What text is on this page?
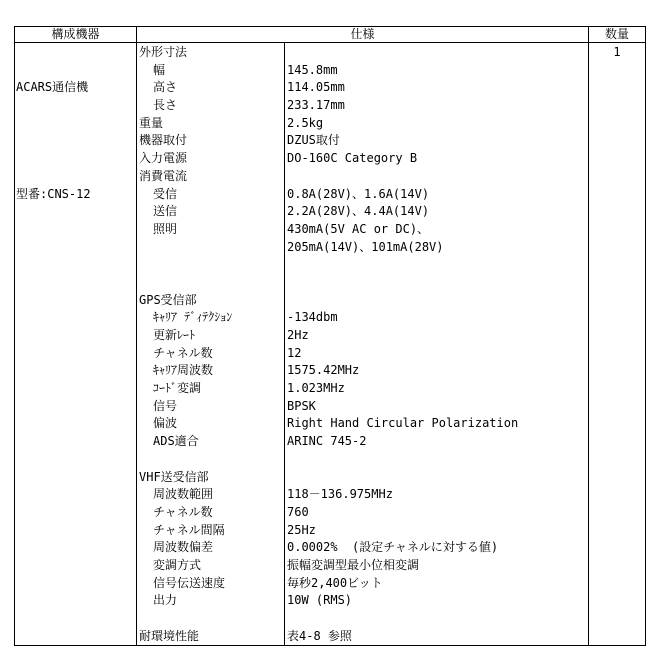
構成機器	仕様	数量

ACARS通信機

型番:CNS-12

1
外形寸法
幅
高さ
長さ
重量
機器取付
入力電源
消費電流
受信
送信
照明
GPS受信部
ｷｬﾘｱ ﾃﾞｨﾃｸｼｮﾝ
更新ﾚｰﾄ
チャネル数
ｷｬﾘｱ周波数
ｺｰﾄﾞ変調
信号
偏波
ADS適合
VHF送受信部
周波数範囲
チャネル数
チャネル間隔
周波数偏差
変調方式
信号伝送速度
出力
耐環境性能
145.8mm
114.05mm
233.17mm
2.5kg
DZUS取付
DO-160C Category B
0.8A(28V)、1.6A(14V)
2.2A(28V)、4.4A(14V)
430mA(5V AC or DC)、
205mA(14V)、101mA(28V)
-134dbm
2Hz
12
1575.42MHz
1.023MHz
BPSK
Right Hand Circular Polarization
ARINC 745-2
118－136.975MHz
760
25Hz
0.0002%  (設定チャネルに対する値)
振幅変調型最小位相変調
毎秒2,400ビット
10W (RMS)
表4-8 参照
